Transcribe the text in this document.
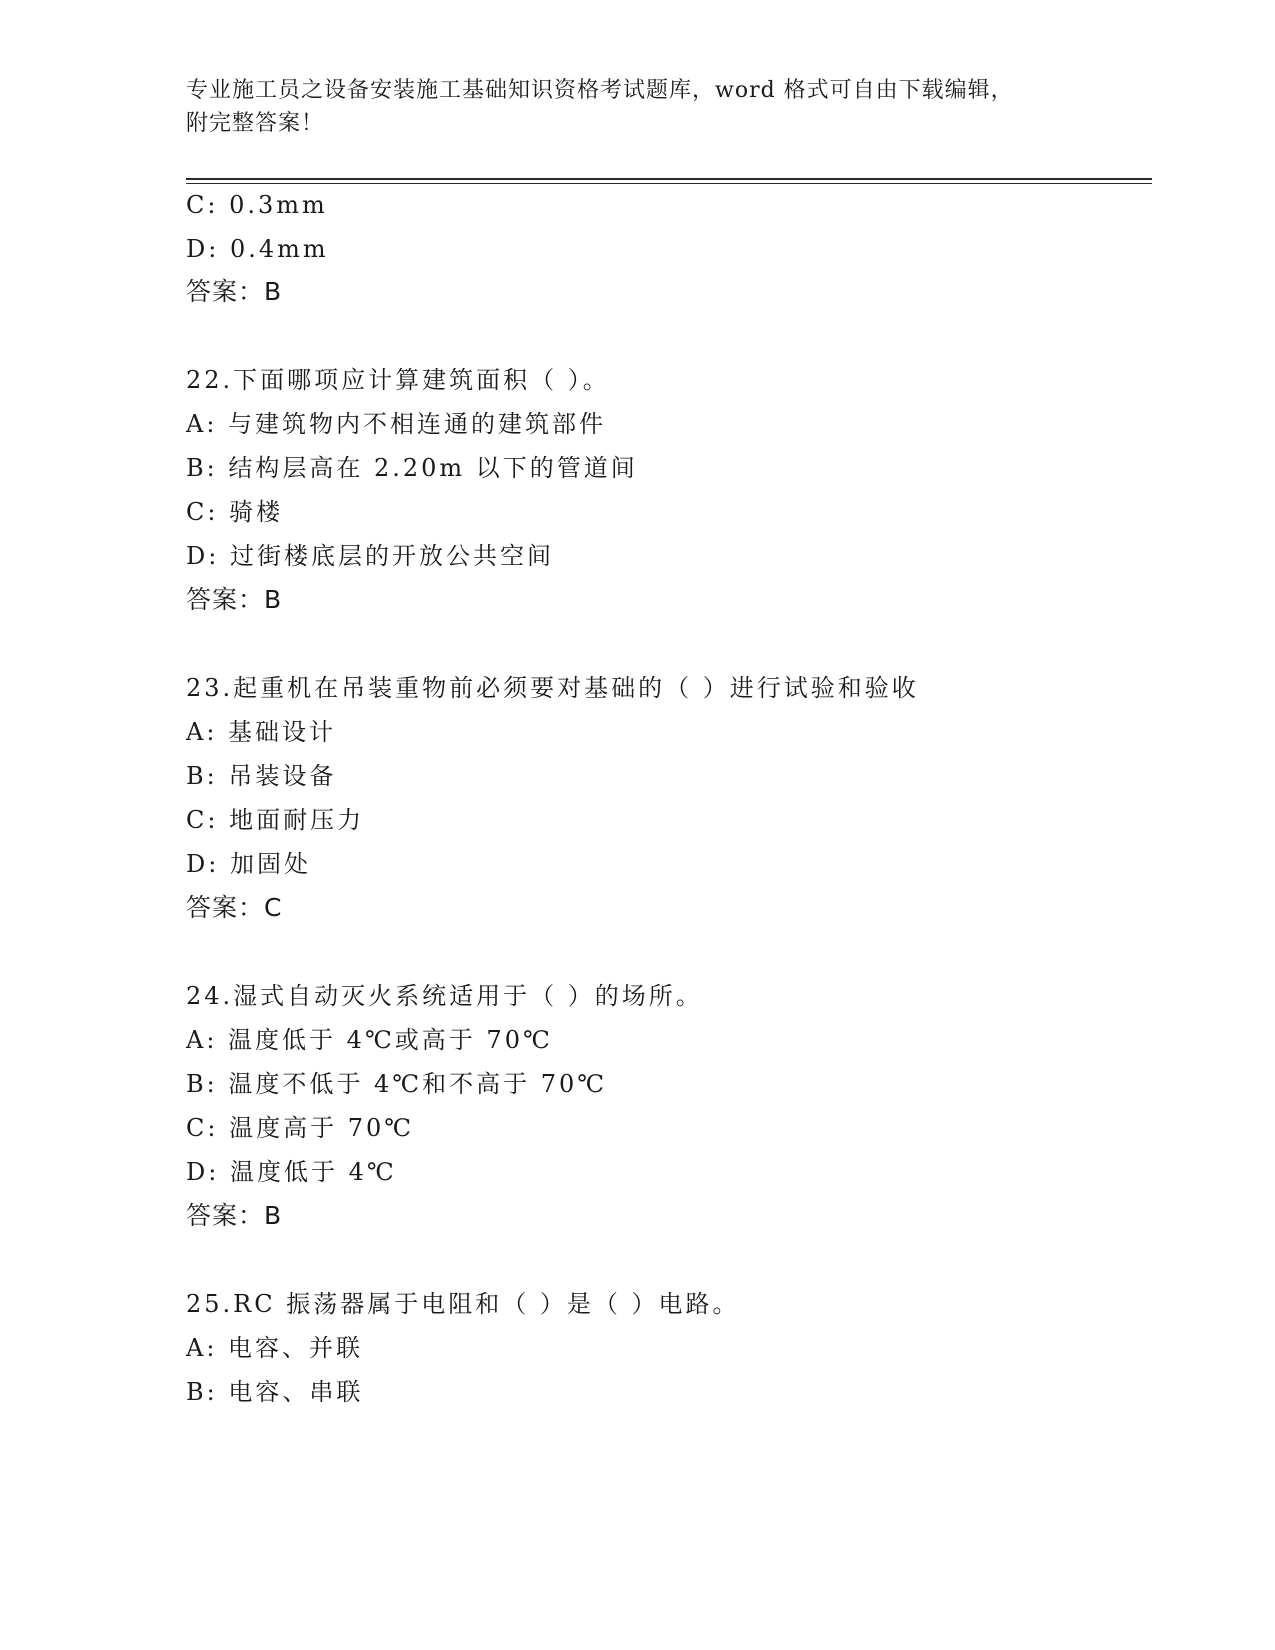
专业施工员之设备安装施工基础知识资格考试题库，word 格式可自由下载编辑，
附完整答案！
C: 0.3mm
D: 0.4mm
答案：B
22.下面哪项应计算建筑面积（ ）。
A: 与建筑物内不相连通的建筑部件
B: 结构层高在 2.20m 以下的管道间
C: 骑楼
D: 过街楼底层的开放公共空间
答案：B
23.起重机在吊装重物前必须要对基础的（ ）进行试验和验收
A: 基础设计
B: 吊装设备
C: 地面耐压力
D: 加固处
答案：C
24.湿式自动灭火系统适用于（ ）的场所。
A: 温度低于 4℃或高于 70℃
B: 温度不低于 4℃和不高于 70℃
C: 温度高于 70℃
D: 温度低于 4℃
答案：B
25.RC 振荡器属于电阻和（ ）是（ ）电路。
A: 电容、并联
B: 电容、串联
